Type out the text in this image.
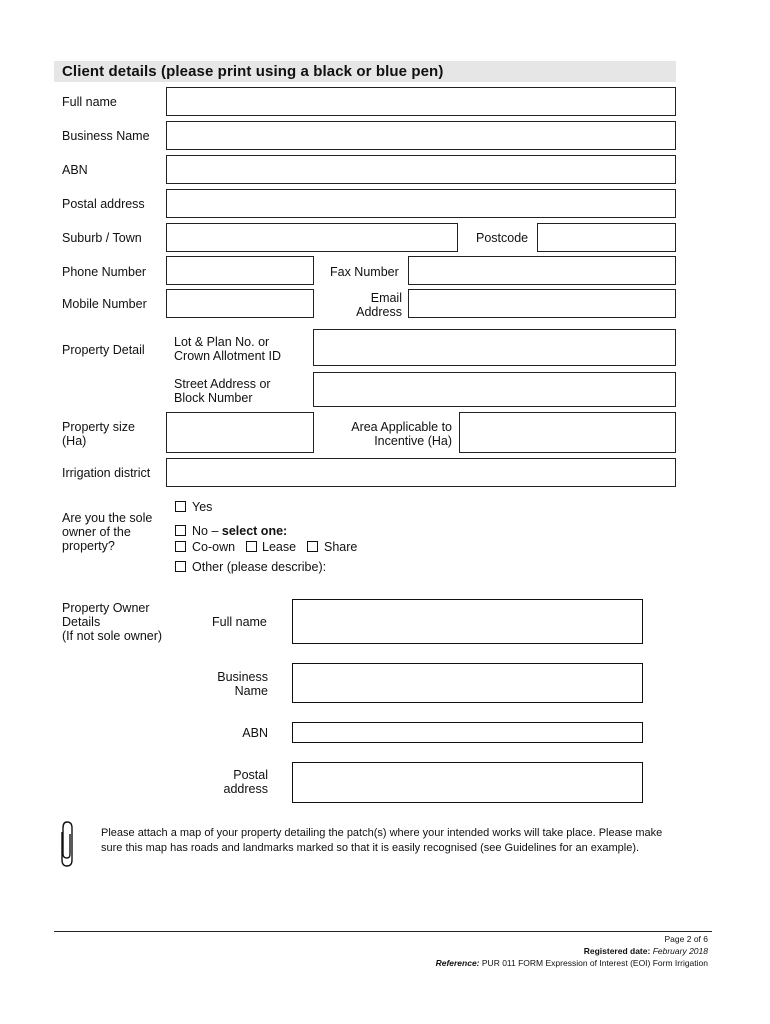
Client details (please print using a black or blue pen)
Full name
Business Name
ABN
Postal address
Suburb / Town	Postcode
Phone Number	Fax Number
Mobile Number	Email
Address
Property Detail
Lot & Plan No. or
Crown Allotment ID
Street Address or
Block Number
Property size
(Ha)
Area Applicable to
Incentive (Ha)
Irrigation district
Are you the sole
owner of the
property?
Yes
No – select one:
Co-own Lease Share
Other (please describe):
Property Owner
Details
(If not sole owner)
Full name
Business
Name
ABN
Postal
address
Please attach a map of your property detailing the patch(s) where your intended works will take place. Please make
sure this map has roads and landmarks marked so that it is easily recognised (see Guidelines for an example).
Page 2 of 6
Registered date: February 2018
Reference: PUR 011 FORM Expression of Interest (EOI) Form Irrigation
